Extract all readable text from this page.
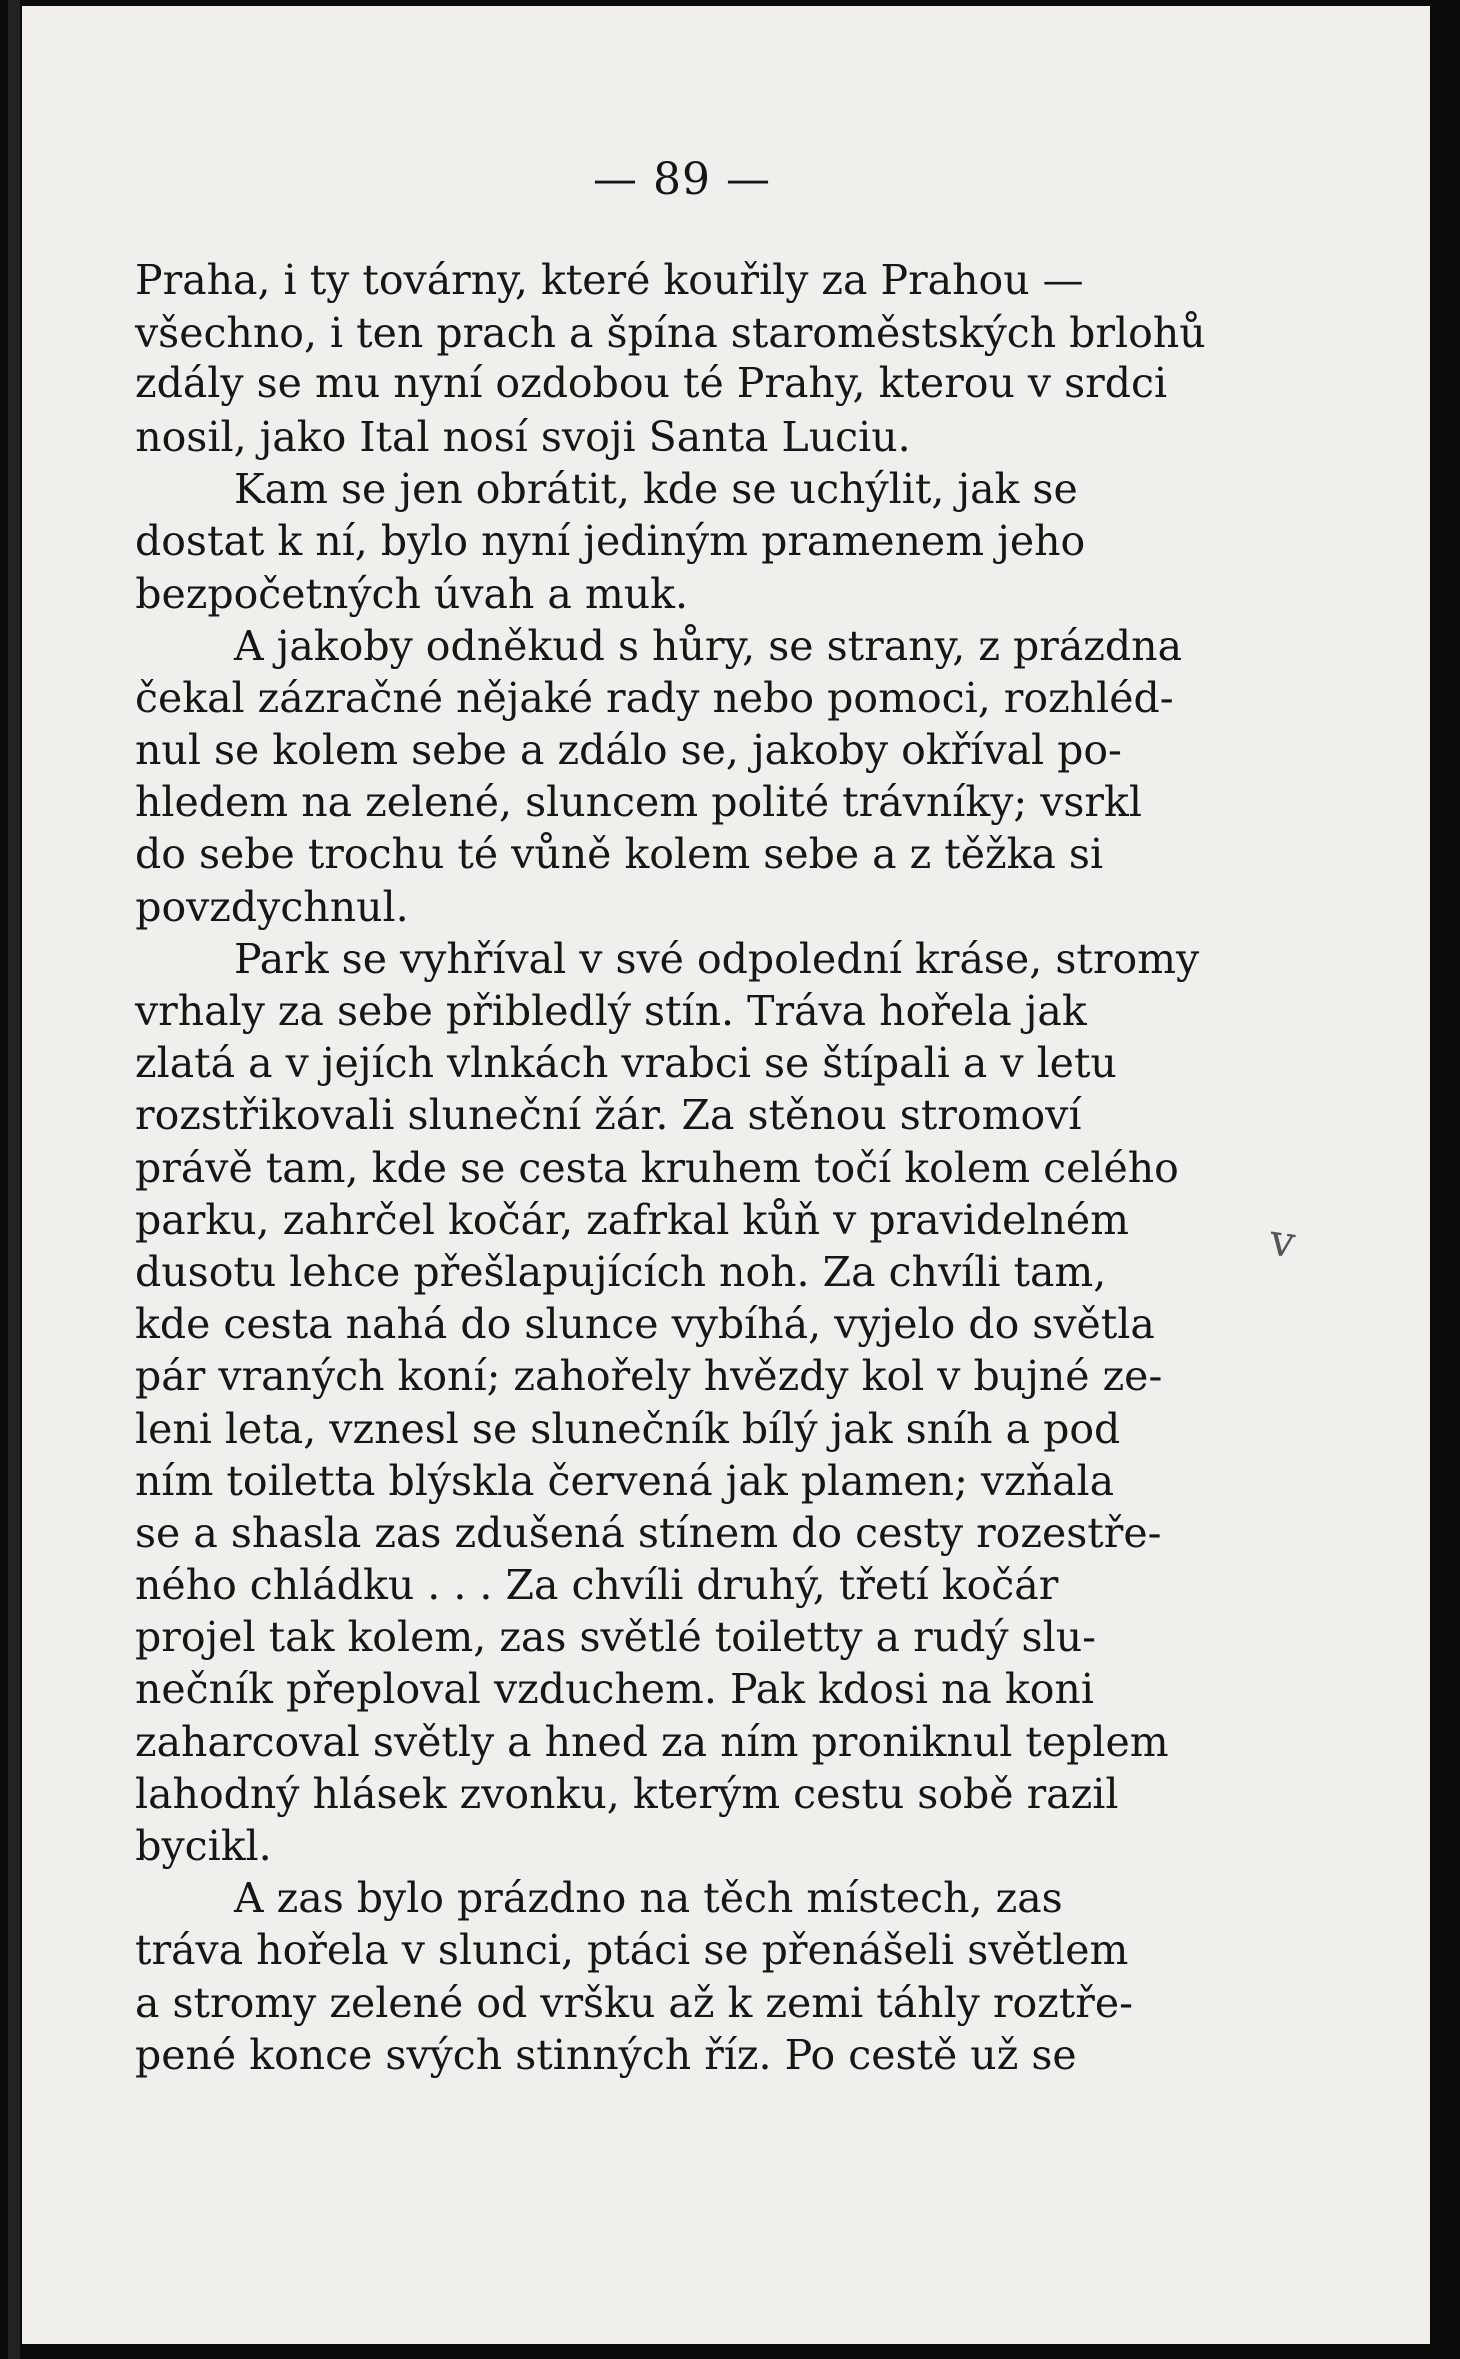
— 89 —
Praha, i ty továrny, které kouřily za Prahou —
všechno, i ten prach a špína staroměstských brlohů
zdály se mu nyní ozdobou té Prahy, kterou v srdci
nosil, jako Ital nosí svoji Santa Luciu.
Kam se jen obrátit, kde se uchýlit, jak se
dostat k ní, bylo nyní jediným pramenem jeho
bezpočetných úvah a muk.
A jakoby odněkud s hůry, se strany, z prázdna
čekal zázračné nějaké rady nebo pomoci, rozhléd-
nul se kolem sebe a zdálo se, jakoby okříval po-
hledem na zelené, sluncem polité trávníky; vsrkl
do sebe trochu té vůně kolem sebe a z těžka si
povzdychnul.
Park se vyhříval v své odpolední kráse, stromy
vrhaly za sebe přibledlý stín. Tráva hořela jak
zlatá a v jejích vlnkách vrabci se štípali a v letu
rozstřikovali sluneční žár. Za stěnou stromoví
právě tam, kde se cesta kruhem točí kolem celého
parku, zahrčel kočár, zafrkal kůň v pravidelném
dusotu lehce přešlapujících noh. Za chvíli tam,
kde cesta nahá do slunce vybíhá, vyjelo do světla
pár vraných koní; zahořely hvězdy kol v bujné ze-
leni leta, vznesl se slunečník bílý jak sníh a pod
ním toiletta blýskla červená jak plamen; vzňala
se a shasla zas zdušená stínem do cesty rozestře-
ného chládku . . . Za chvíli druhý, třetí kočár
projel tak kolem, zas světlé toiletty a rudý slu-
nečník přeploval vzduchem. Pak kdosi na koni
zaharcoval světly a hned za ním proniknul teplem
lahodný hlásek zvonku, kterým cestu sobě razil
bycikl.
A zas bylo prázdno na těch místech, zas
tráva hořela v slunci, ptáci se přenášeli světlem
a stromy zelené od vršku až k zemi táhly roztře-
pené konce svých stinných říz. Po cestě už se
v
